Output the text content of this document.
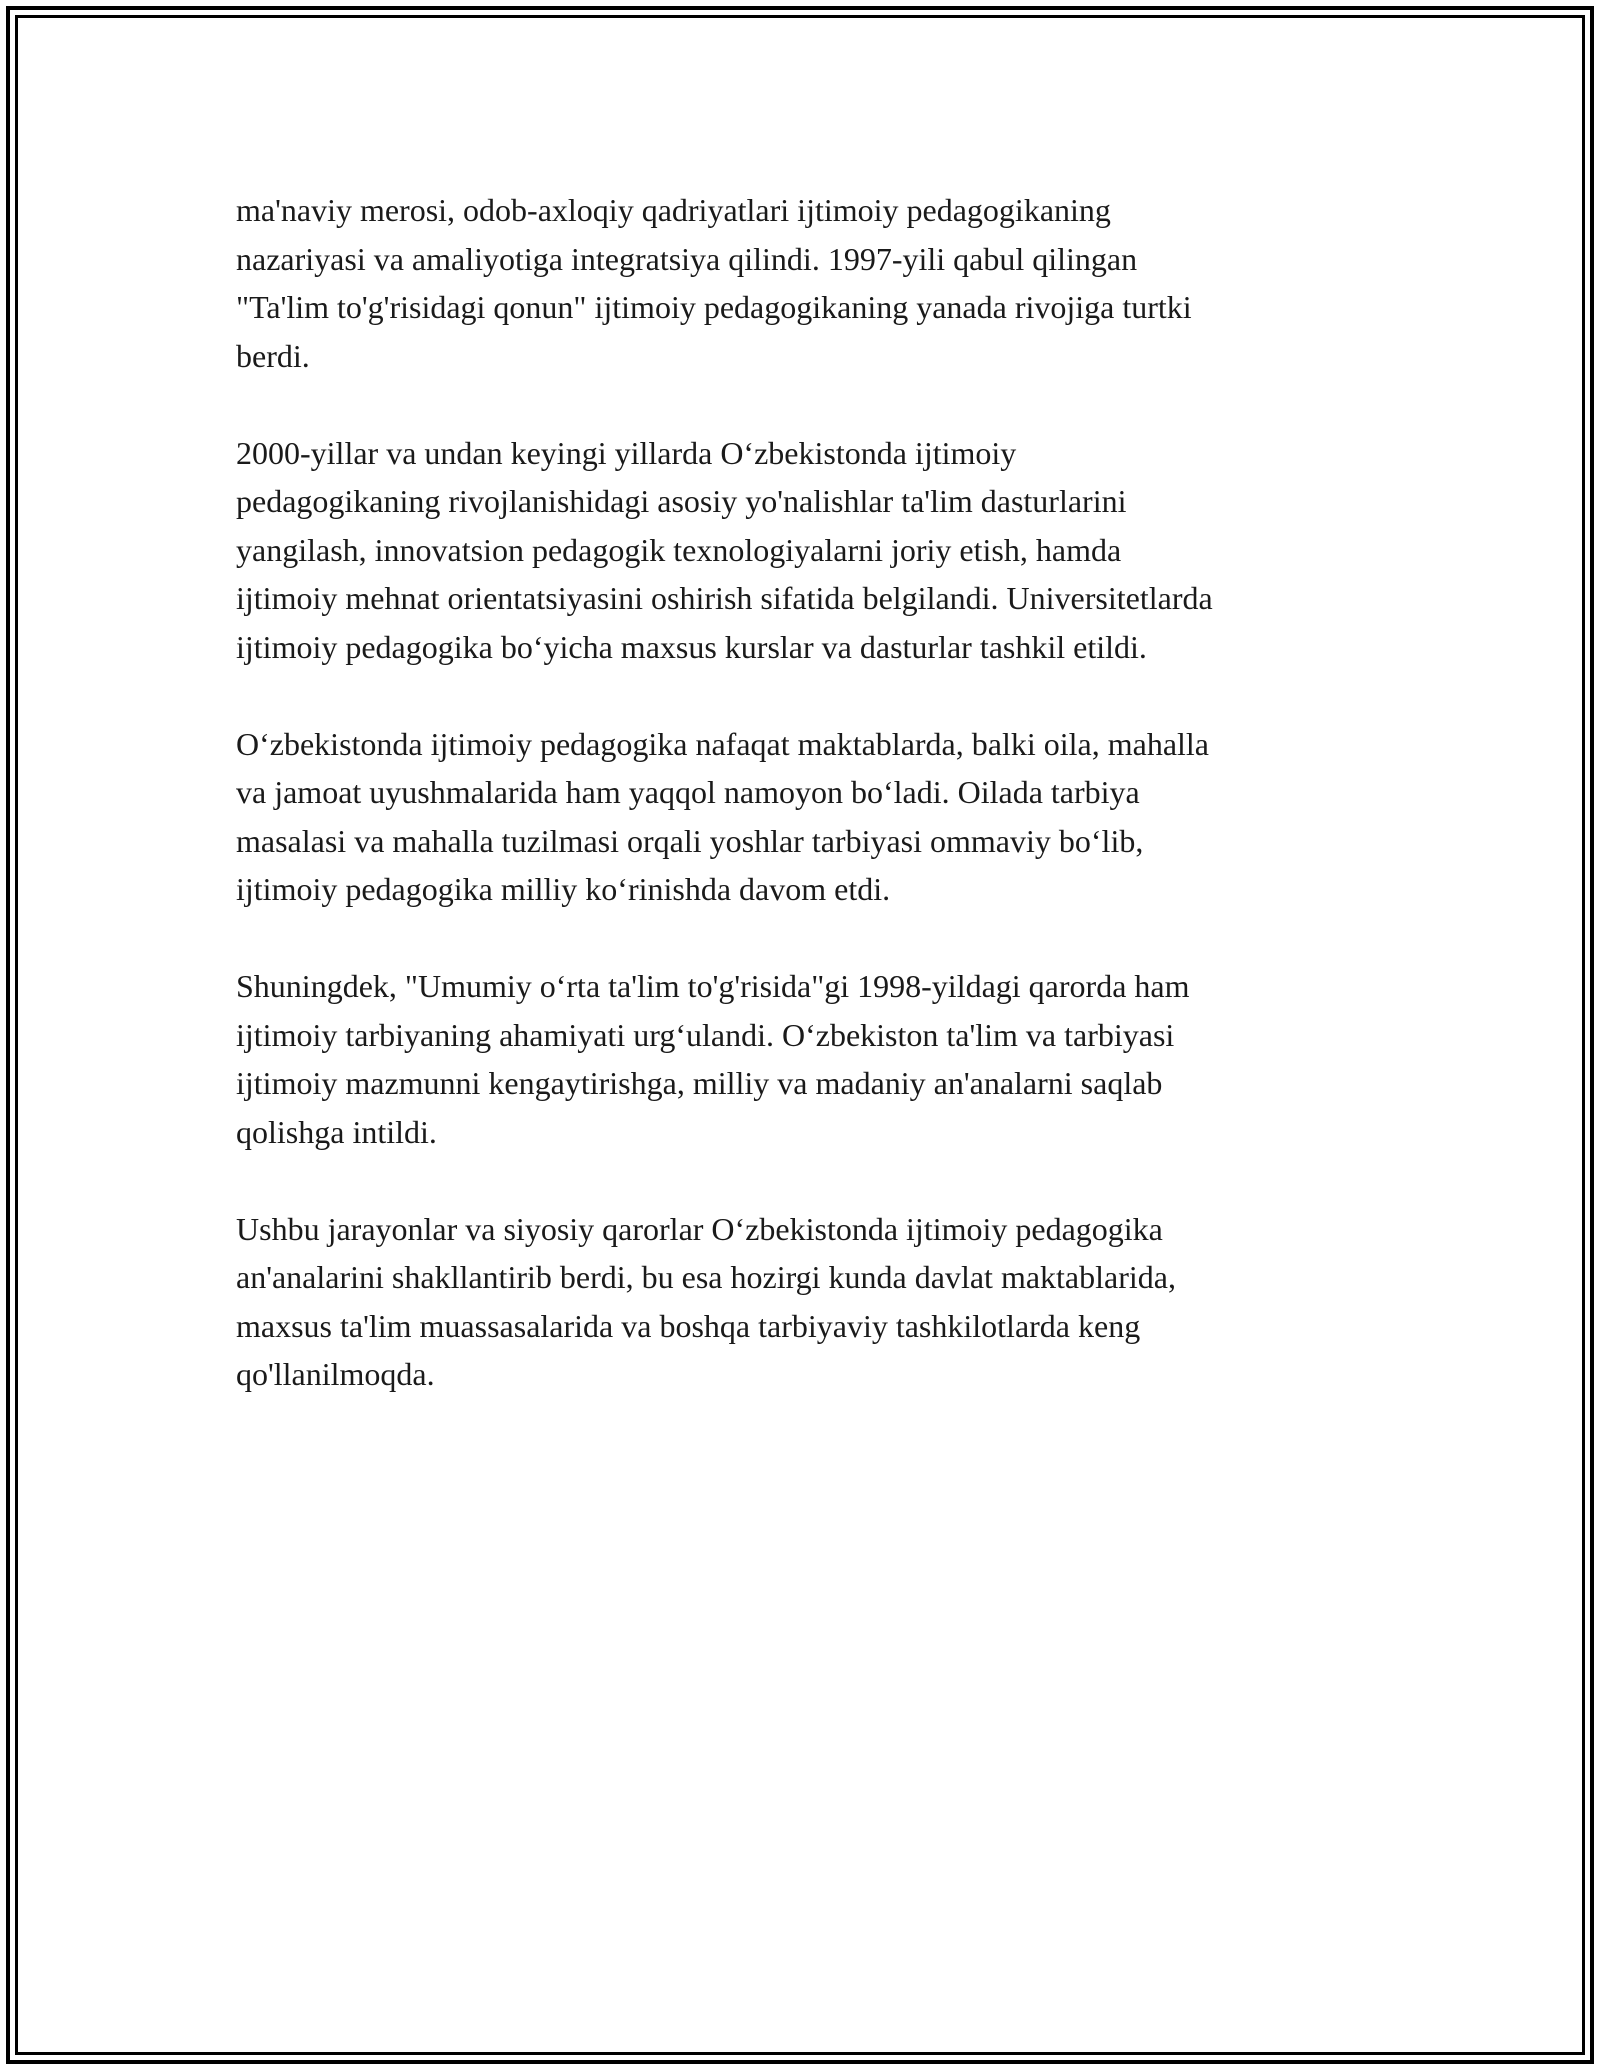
ma'naviy merosi, odob-axloqiy qadriyatlari ijtimoiy pedagogikaning
nazariyasi va amaliyotiga integratsiya qilindi. 1997-yili qabul qilingan
"Ta'lim to'g'risidagi qonun" ijtimoiy pedagogikaning yanada rivojiga turtki
berdi.

2000-yillar va undan keyingi yillarda O‘zbekistonda ijtimoiy
pedagogikaning rivojlanishidagi asosiy yo'nalishlar ta'lim dasturlarini
yangilash, innovatsion pedagogik texnologiyalarni joriy etish, hamda
ijtimoiy mehnat orientatsiyasini oshirish sifatida belgilandi. Universitetlarda
ijtimoiy pedagogika bo‘yicha maxsus kurslar va dasturlar tashkil etildi.

O‘zbekistonda ijtimoiy pedagogika nafaqat maktablarda, balki oila, mahalla
va jamoat uyushmalarida ham yaqqol namoyon bo‘ladi. Oilada tarbiya
masalasi va mahalla tuzilmasi orqali yoshlar tarbiyasi ommaviy bo‘lib,
ijtimoiy pedagogika milliy ko‘rinishda davom etdi.

Shuningdek, "Umumiy o‘rta ta'lim to'g'risida"gi 1998-yildagi qarorda ham
ijtimoiy tarbiyaning ahamiyati urg‘ulandi. O‘zbekiston ta'lim va tarbiyasi
ijtimoiy mazmunni kengaytirishga, milliy va madaniy an'analarni saqlab
qolishga intildi.

Ushbu jarayonlar va siyosiy qarorlar O‘zbekistonda ijtimoiy pedagogika
an'analarini shakllantirib berdi, bu esa hozirgi kunda davlat maktablarida,
maxsus ta'lim muassasalarida va boshqa tarbiyaviy tashkilotlarda keng
qo'llanilmoqda.
